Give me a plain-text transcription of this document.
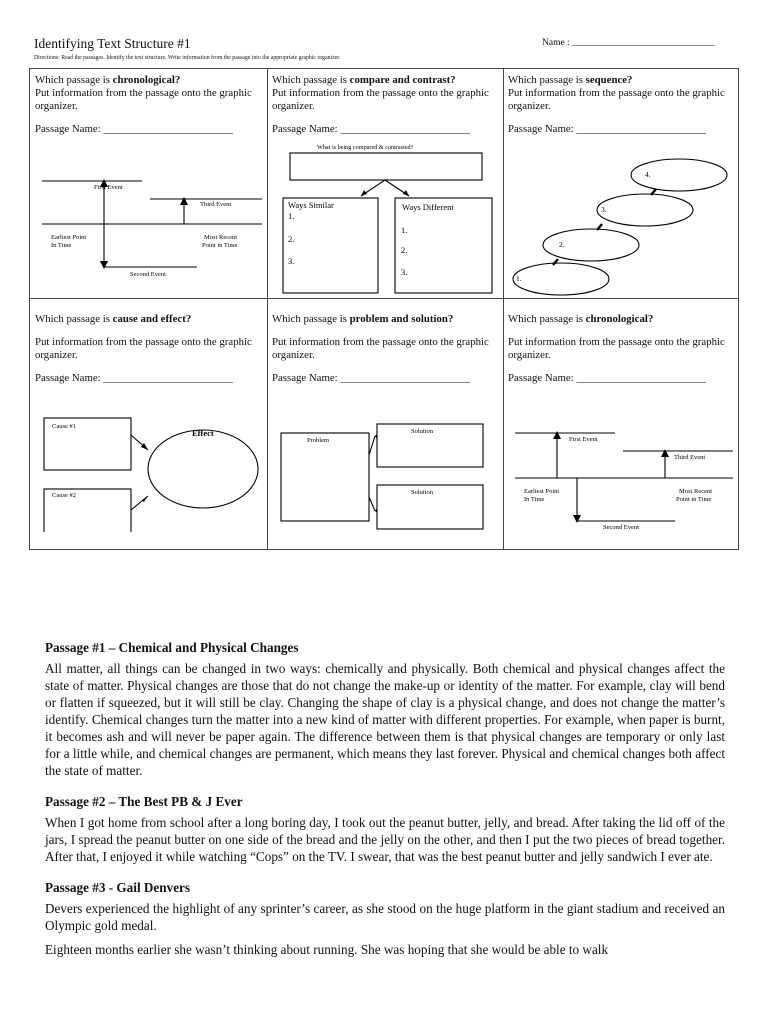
Identifying Text Structure #1	Name : ______________________________
Directions: Read the passages. Identify the text structure. Write information from the passage into the appropriate graphic organizer.

Which passage is chronological?

Put information from the passage onto the graphic organizer.

Passage Name: ________________________

First Event
Third Event
Earliest Point
In Time
Most Recent
Point in Time
Second Event

Which passage is compare and contrast?

Put information from the passage onto the graphic organizer.

Passage Name: ________________________

What is being compared & contrasted?
Ways Similar
1.
2.
3.
Ways Different
1.
2.
3.

Which passage is sequence?

Put information from the passage onto the graphic organizer.

Passage Name: ________________________

4.
3.
2.
1.

Which passage is cause and effect?

Put information from the passage onto the graphic organizer.

Passage Name: ________________________

Cause #1
Cause #2
Effect

Which passage is problem and solution?

Put information from the passage onto the graphic organizer.

Passage Name: ________________________

Problem
Solution
Solution

Which passage is chronological?

Put information from the passage onto the graphic organizer.

Passage Name: ________________________

First Event
Third Event
Earliest Point
In Time
Most Recent
Point in Time
Second Event
Passage #1 – Chemical and Physical Changes

All matter, all things can be changed in two ways: chemically and physically. Both chemical and physical changes affect the state of matter. Physical changes are those that do not change the make-up or identity of the matter. For example, clay will bend or flatten if squeezed, but it will still be clay. Changing the shape of clay is a physical change, and does not change the matter’s identify. Chemical changes turn the matter into a new kind of matter with different properties. For example, when paper is burnt, it becomes ash and will never be paper again. The difference between them is that physical changes are temporary or only last for a little while, and chemical changes are permanent, which means they last forever. Physical and chemical changes both affect the state of matter.

Passage #2 – The Best PB & J Ever

When I got home from school after a long boring day, I took out the peanut butter, jelly, and bread. After taking the lid off of the jars, I spread the peanut butter on one side of the bread and the jelly on the other, and then I put the two pieces of bread together. After that, I enjoyed it while watching “Cops” on the TV. I swear, that was the best peanut butter and jelly sandwich I ever ate.

Passage #3 - Gail Denvers

Devers experienced the highlight of any sprinter’s career, as she stood on the huge platform in the giant stadium and received an Olympic gold medal.

Eighteen months earlier she wasn’t thinking about running. She was hoping that she would be able to walk
